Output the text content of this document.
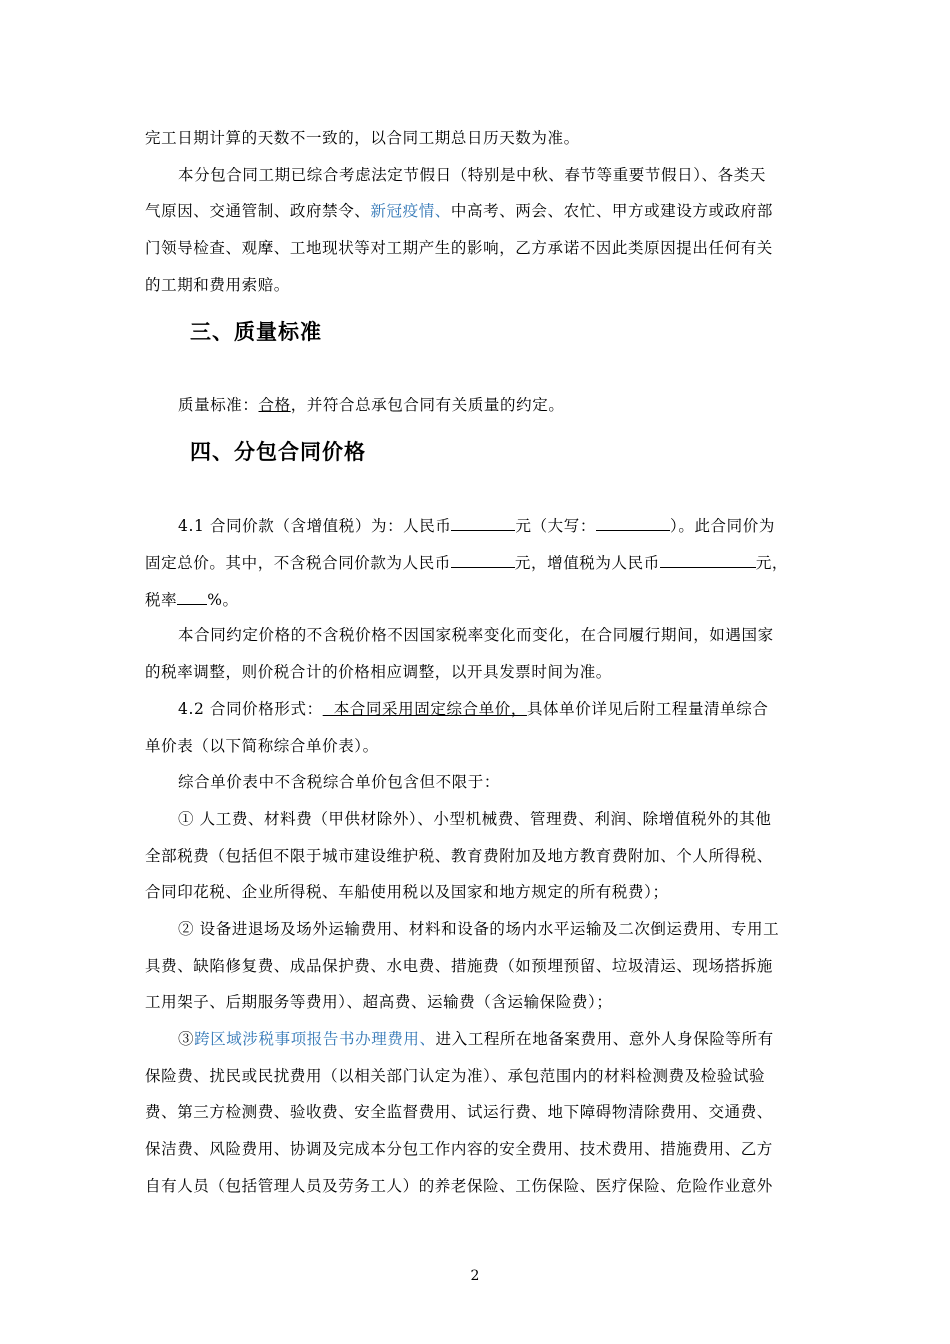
完工日期计算的天数不一致的，以合同工期总日历天数为准。
本分包合同工期已综合考虑法定节假日（特别是中秋、春节等重要节假日）、各类天
气原因、交通管制、政府禁令、新冠疫情、中高考、两会、农忙、甲方或建设方或政府部
门领导检查、观摩、工地现状等对工期产生的影响，乙方承诺不因此类原因提出任何有关
的工期和费用索赔。
三、质量标准
质量标准：合格，并符合总承包合同有关质量的约定。
四、分包合同价格
4.1 合同价款（含增值税）为：人民币	元（大写：	）。此合同价为
固定总价。其中，不含税合同价款为人民币	元，增值税为人民币	元，
税率 %。
本合同约定价格的不含税价格不因国家税率变化而变化，在合同履行期间，如遇国家
的税率调整，则价税合计的价格相应调整，以开具发票时间为准。
4.2 合同价格形式：  本合同采用固定综合单价，具体单价详见后附工程量清单综合
单价表（以下简称综合单价表）。
综合单价表中不含税综合单价包含但不限于：
① 人工费、材料费（甲供材除外）、小型机械费、管理费、利润、除增值税外的其他
全部税费（包括但不限于城市建设维护税、教育费附加及地方教育费附加、个人所得税、
合同印花税、企业所得税、车船使用税以及国家和地方规定的所有税费）；
② 设备进退场及场外运输费用、材料和设备的场内水平运输及二次倒运费用、专用工
具费、缺陷修复费、成品保护费、水电费、措施费（如预埋预留、垃圾清运、现场搭拆施
工用架子、后期服务等费用）、超高费、运输费（含运输保险费）；
③跨区域涉税事项报告书办理费用、进入工程所在地备案费用、意外人身保险等所有
保险费、扰民或民扰费用（以相关部门认定为准）、承包范围内的材料检测费及检验试验
费、第三方检测费、验收费、安全监督费用、试运行费、地下障碍物清除费用、交通费、
保洁费、风险费用、协调及完成本分包工作内容的安全费用、技术费用、措施费用、乙方
自有人员（包括管理人员及劳务工人）的养老保险、工伤保险、医疗保险、危险作业意外
2
